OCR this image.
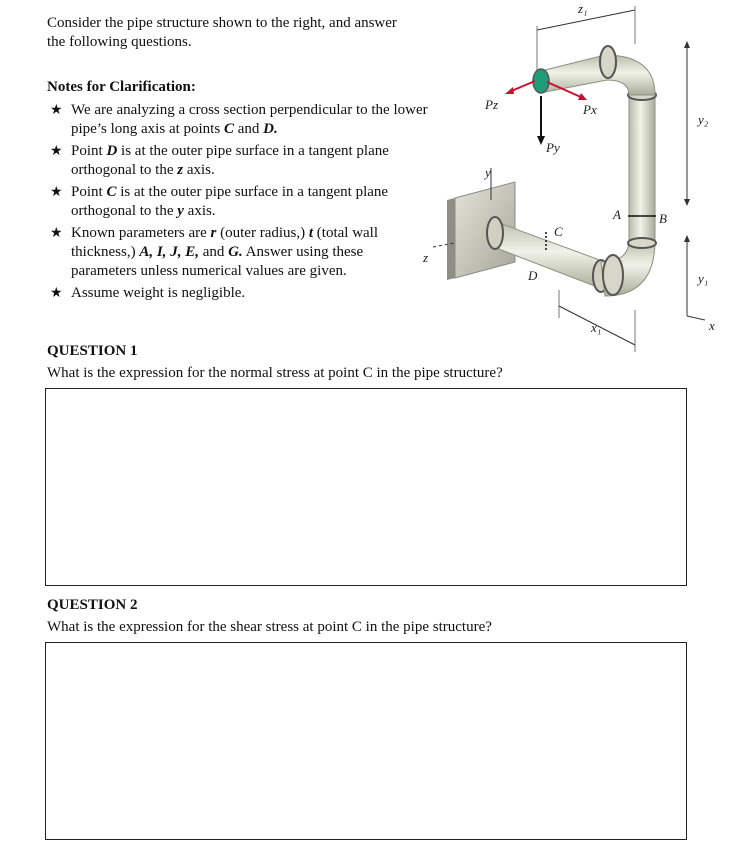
Consider the pipe structure shown to the right, and answer the following questions.
Notes for Clarification:
★ We are analyzing a cross section perpendicular to the lower pipe’s long axis at points C and D.
★ Point D is at the outer pipe surface in a tangent plane orthogonal to the z axis.
★ Point C is at the outer pipe surface in a tangent plane orthogonal to the y axis.
★ Known parameters are r (outer radius,) t (total wall thickness,) A, I, J, E, and G. Answer using these parameters unless numerical values are given.
★ Assume weight is negligible.
z₁
y
z
C
D
A	B
Pz	Px
Py
y₂
y₁
x
x₁
QUESTION 1
What is the expression for the normal stress at point C in the pipe structure?
QUESTION 2
What is the expression for the shear stress at point C in the pipe structure?
